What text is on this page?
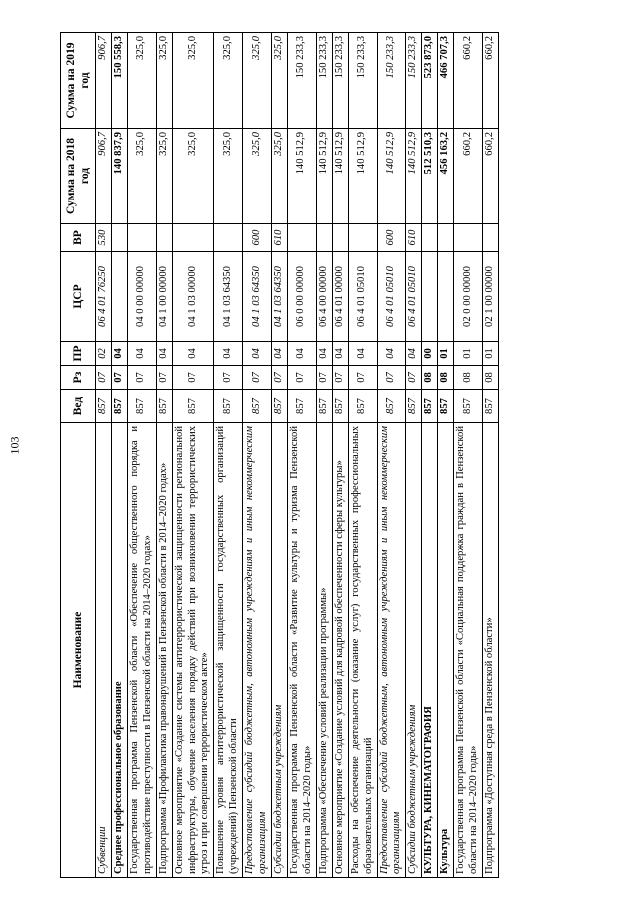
103
Наименование	Вед	Рз	ПР	ЦСР	ВР	Сумма на 2018 год	Сумма на 2019 год
Субвенции	857	07	02	06 4 01 76250	530	906,7	906,7
Среднее профессиональное образование	857	07	04			140 837,9	150 558,3
Государственная программа Пензенской области «Обеспечение общественного порядка и противодействие преступности в Пензенской области на 2014–2020 годах»	857	07	04	04 0 00 00000		325,0	325,0
Подпрограмма «Профилактика правонарушений в Пензенской области в 2014–2020 годах»	857	07	04	04 1 00 00000		325,0	325,0
Основное мероприятие «Создание системы антитеррористической защищенности региональной инфраструктуры, обучение населения порядку действий при возникновении террористических угроз и при совершении террористическом акте»	857	07	04	04 1 03 00000		325,0	325,0
Повышение уровня антитеррористической защищенности государственных организаций (учреждений) Пензенской области	857	07	04	04 1 03 64350		325,0	325,0
Предоставление субсидий бюджетным, автономным учреждениям и иным некоммерческим организациям	857	07	04	04 1 03 64350	600	325,0	325,0
Субсидии бюджетным учреждениям	857	07	04	04 1 03 64350	610	325,0	325,0
Государственная программа Пензенской области «Развитие культуры и туризма Пензенской области на 2014–2020 годы»	857	07	04	06 0 00 00000		140 512,9	150 233,3
Подпрограмма «Обеспечение условий реализации программы»	857	07	04	06 4 00 00000		140 512,9	150 233,3
Основное мероприятие «Создание условий для кадровой обеспеченности сферы культуры»	857	07	04	06 4 01 00000		140 512,9	150 233,3
Расходы на обеспечение деятельности (оказание услуг) государственных профессиональных образовательных организаций	857	07	04	06 4 01 05010		140 512,9	150 233,3
Предоставление субсидий бюджетным, автономным учреждениям и иным некоммерческим организациям	857	07	04	06 4 01 05010	600	140 512,9	150 233,3
Субсидии бюджетным учреждениям	857	07	04	06 4 01 05010	610	140 512,9	150 233,3
КУЛЬТУРА, КИНЕМАТОГРАФИЯ	857	08	00			512 510,3	523 873,0
Культура	857	08	01			456 163,2	466 707,3
Государственная программа Пензенской области «Социальная поддержка граждан в Пензенской области на 2014–2020 годы»	857	08	01	02 0 00 00000		660,2	660,2
Подпрограмма «Доступная среда в Пензенской области»	857	08	01	02 1 00 00000		660,2	660,2
